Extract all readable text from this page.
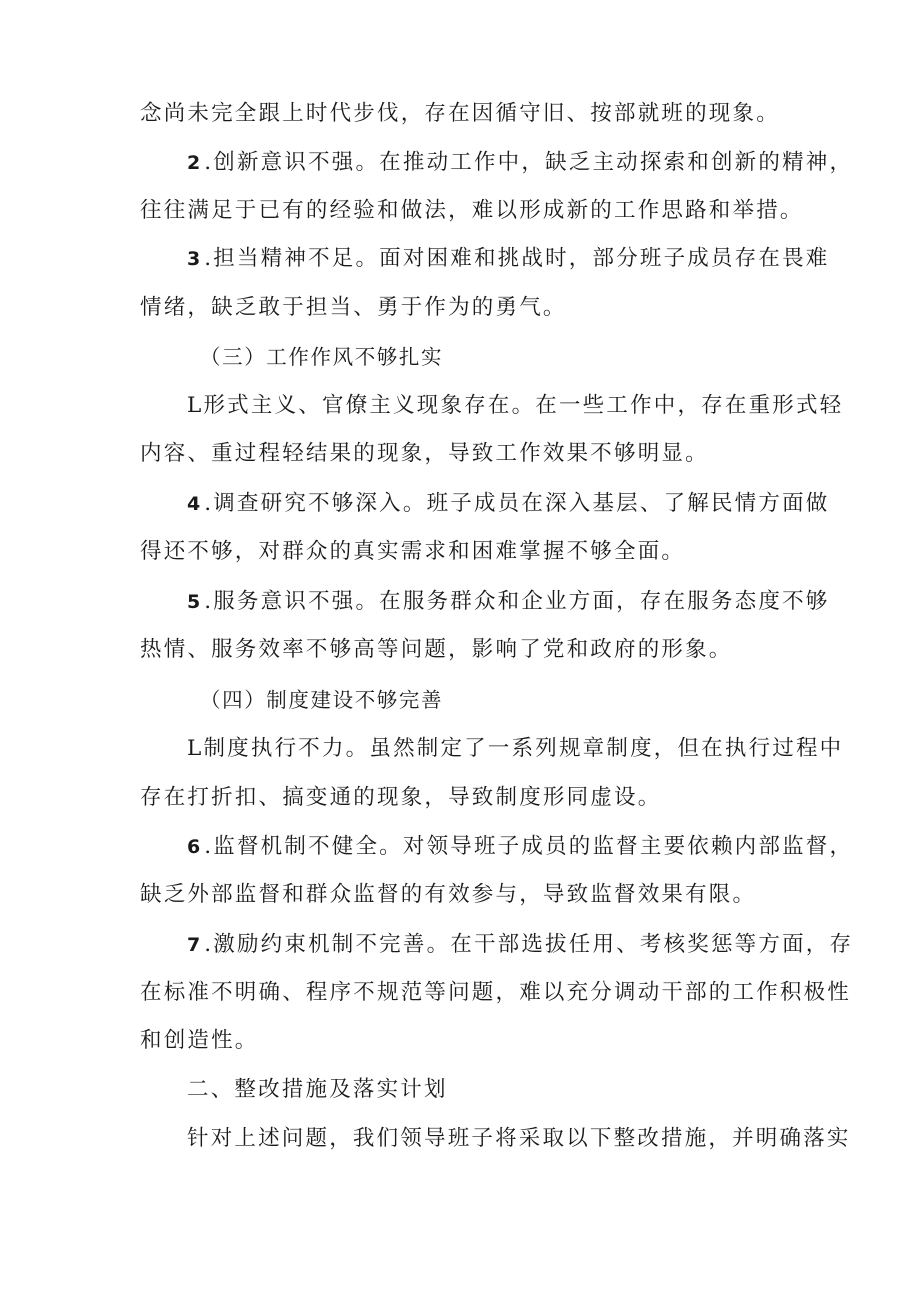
念尚未完全跟上时代步伐，存在因循守旧、按部就班的现象。
2 .创新意识不强。在推动工作中，缺乏主动探索和创新的精神，
往往满足于已有的经验和做法，难以形成新的工作思路和举措。
3 .担当精神不足。面对困难和挑战时，部分班子成员存在畏难
情绪，缺乏敢于担当、勇于作为的勇气。
（三）工作作风不够扎实
L形式主义、官僚主义现象存在。在一些工作中，存在重形式轻
内容、重过程轻结果的现象，导致工作效果不够明显。
4 .调查研究不够深入。班子成员在深入基层、了解民情方面做
得还不够，对群众的真实需求和困难掌握不够全面。
5 .服务意识不强。在服务群众和企业方面，存在服务态度不够
热情、服务效率不够高等问题，影响了党和政府的形象。
（四）制度建设不够完善
L制度执行不力。虽然制定了一系列规章制度，但在执行过程中
存在打折扣、搞变通的现象，导致制度形同虚设。
6 .监督机制不健全。对领导班子成员的监督主要依赖内部监督，
缺乏外部监督和群众监督的有效参与，导致监督效果有限。
7 .激励约束机制不完善。在干部选拔任用、考核奖惩等方面，存
在标准不明确、程序不规范等问题，难以充分调动干部的工作积极性
和创造性。
二、整改措施及落实计划
针对上述问题，我们领导班子将采取以下整改措施，并明确落实
